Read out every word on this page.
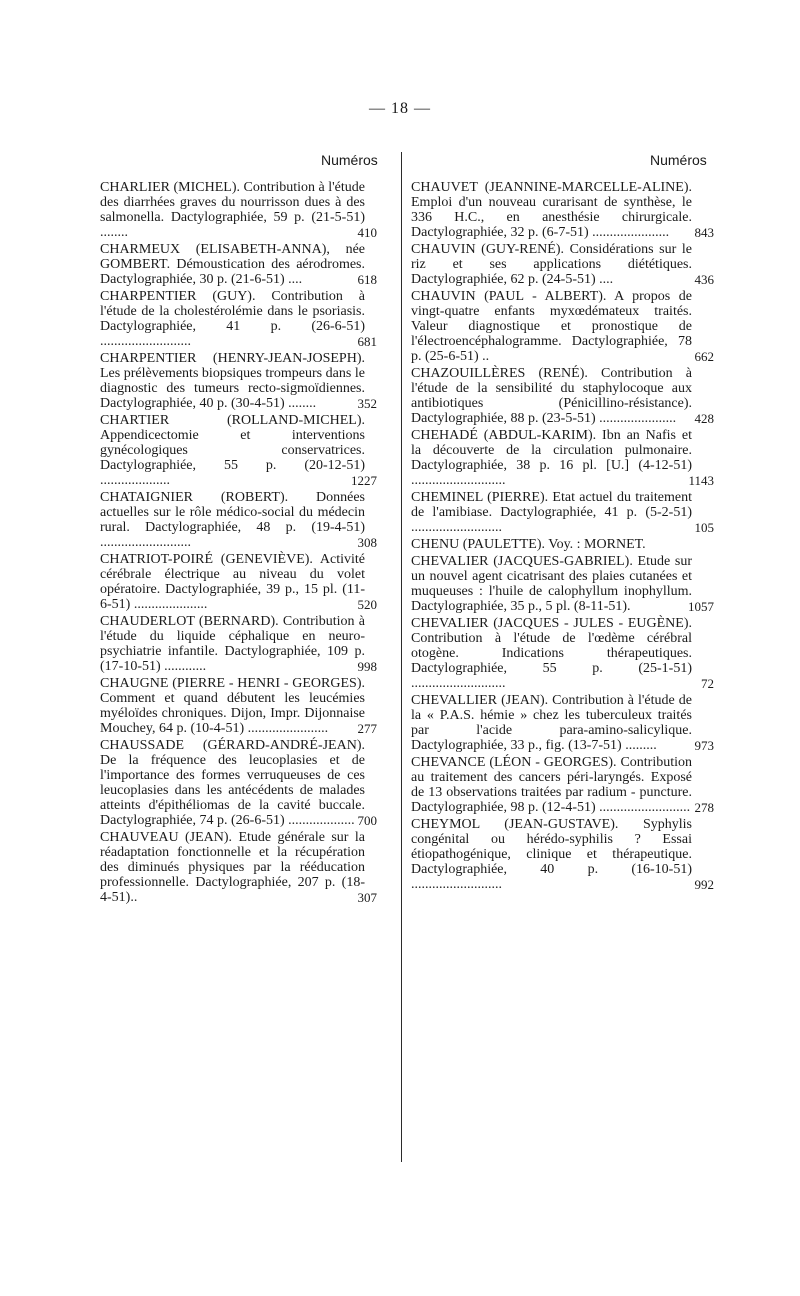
— 18 —
Numéros	Numéros
CHARLIER (MICHEL). Contribution à l'étude des diarrhées graves du nourrisson dues à des salmonella. Dactylographiée, 59 p. (21-5-51) ........	410
CHARMEUX (ELISABETH-ANNA), née GOMBERT. Démoustication des aérodromes. Dactylographiée, 30 p. (21-6-51) ....	618
CHARPENTIER (GUY). Contribution à l'étude de la cholestérolémie dans le psoriasis. Dactylographiée, 41 p. (26-6-51) ..........................	681
CHARPENTIER (HENRY-JEAN-JOSEPH). Les prélèvements biopsiques trompeurs dans le diagnostic des tumeurs recto-sigmoïdiennes. Dactylographiée, 40 p. (30-4-51) ........	352
CHARTIER (ROLLAND-MICHEL). Appendicectomie et interventions gynécologiques conservatrices. Dactylographiée, 55 p. (20-12-51) ....................	1227
CHATAIGNIER (ROBERT). Données actuelles sur le rôle médico-social du médecin rural. Dactylographiée, 48 p. (19-4-51) ..........................	308
CHATRIOT-POIRÉ (GENEVIÈVE). Activité cérébrale électrique au niveau du volet opératoire. Dactylographiée, 39 p., 15 pl. (11-6-51) .....................	520
CHAUDERLOT (BERNARD). Contribution à l'étude du liquide céphalique en neuro-psychiatrie infantile. Dactylographiée, 109 p. (17-10-51) ............	998
CHAUGNE (PIERRE - HENRI - GEORGES). Comment et quand débutent les leucémies myéloïdes chroniques. Dijon, Impr. Dijonnaise Mouchey, 64 p. (10-4-51) .......................	277
CHAUSSADE (GÉRARD-ANDRÉ-JEAN). De la fréquence des leucoplasies et de l'importance des formes verruqueuses de ces leucoplasies dans les antécédents de malades atteints d'épithéliomas de la cavité buccale. Dactylographiée, 74 p. (26-6-51) ................... 700
CHAUVEAU (JEAN). Etude générale sur la réadaptation fonctionnelle et la récupération des diminués physiques par la rééducation professionnelle. Dactylographiée, 207 p. (18-4-51)..	307
CHAUVET (JEANNINE-MARCELLE-ALINE). Emploi d'un nouveau curarisant de synthèse, le 336 H.C., en anesthésie chirurgicale. Dactylographiée, 32 p. (6-7-51) ......................	843
CHAUVIN (GUY-RENÉ). Considérations sur le riz et ses applications diététiques. Dactylographiée, 62 p. (24-5-51) ....	436
CHAUVIN (PAUL - ALBERT). A propos de vingt-quatre enfants myxœdémateux traités. Valeur diagnostique et pronostique de l'électroencéphalogramme. Dactylographiée, 78 p. (25-6-51) ..	662
CHAZOUILLÈRES (RENÉ). Contribution à l'étude de la sensibilité du staphylocoque aux antibiotiques (Pénicillino-résistance). Dactylographiée, 88 p. (23-5-51) ......................	428
CHEHADÉ (ABDUL-KARIM). Ibn an Nafis et la découverte de la circulation pulmonaire. Dactylographiée, 38 p. 16 pl. [U.] (4-12-51) ...........................	1143
CHEMINEL (PIERRE). Etat actuel du traitement de l'amibiase. Dactylographiée, 41 p. (5-2-51) ..........................	105
CHENU (PAULETTE). Voy. : MORNET.
CHEVALIER (JACQUES-GABRIEL). Etude sur un nouvel agent cicatrisant des plaies cutanées et muqueuses : l'huile de calophyllum inophyllum. Dactylographiée, 35 p., 5 pl. (8-11-51).	1057
CHEVALIER (JACQUES - JULES - EUGÈNE). Contribution à l'étude de l'œdème cérébral otogène. Indications thérapeutiques. Dactylographiée, 55 p. (25-1-51) ...........................	72
CHEVALLIER (JEAN). Contribution à l'étude de la « P.A.S. hémie » chez les tuberculeux traités par l'acide para-amino-salicylique. Dactylographiée, 33 p., fig. (13-7-51) .........	973
CHEVANCE (LÉON - GEORGES). Contribution au traitement des cancers péri-laryngés. Exposé de 13 observations traitées par radium - puncture. Dactylographiée, 98 p. (12-4-51) .......................... 278
CHEYMOL (JEAN-GUSTAVE). Syphylis congénital ou hérédo-syphilis ? Essai étiopathogénique, clinique et thérapeutique. Dactylographiée, 40 p. (16-10-51) ..........................	992
